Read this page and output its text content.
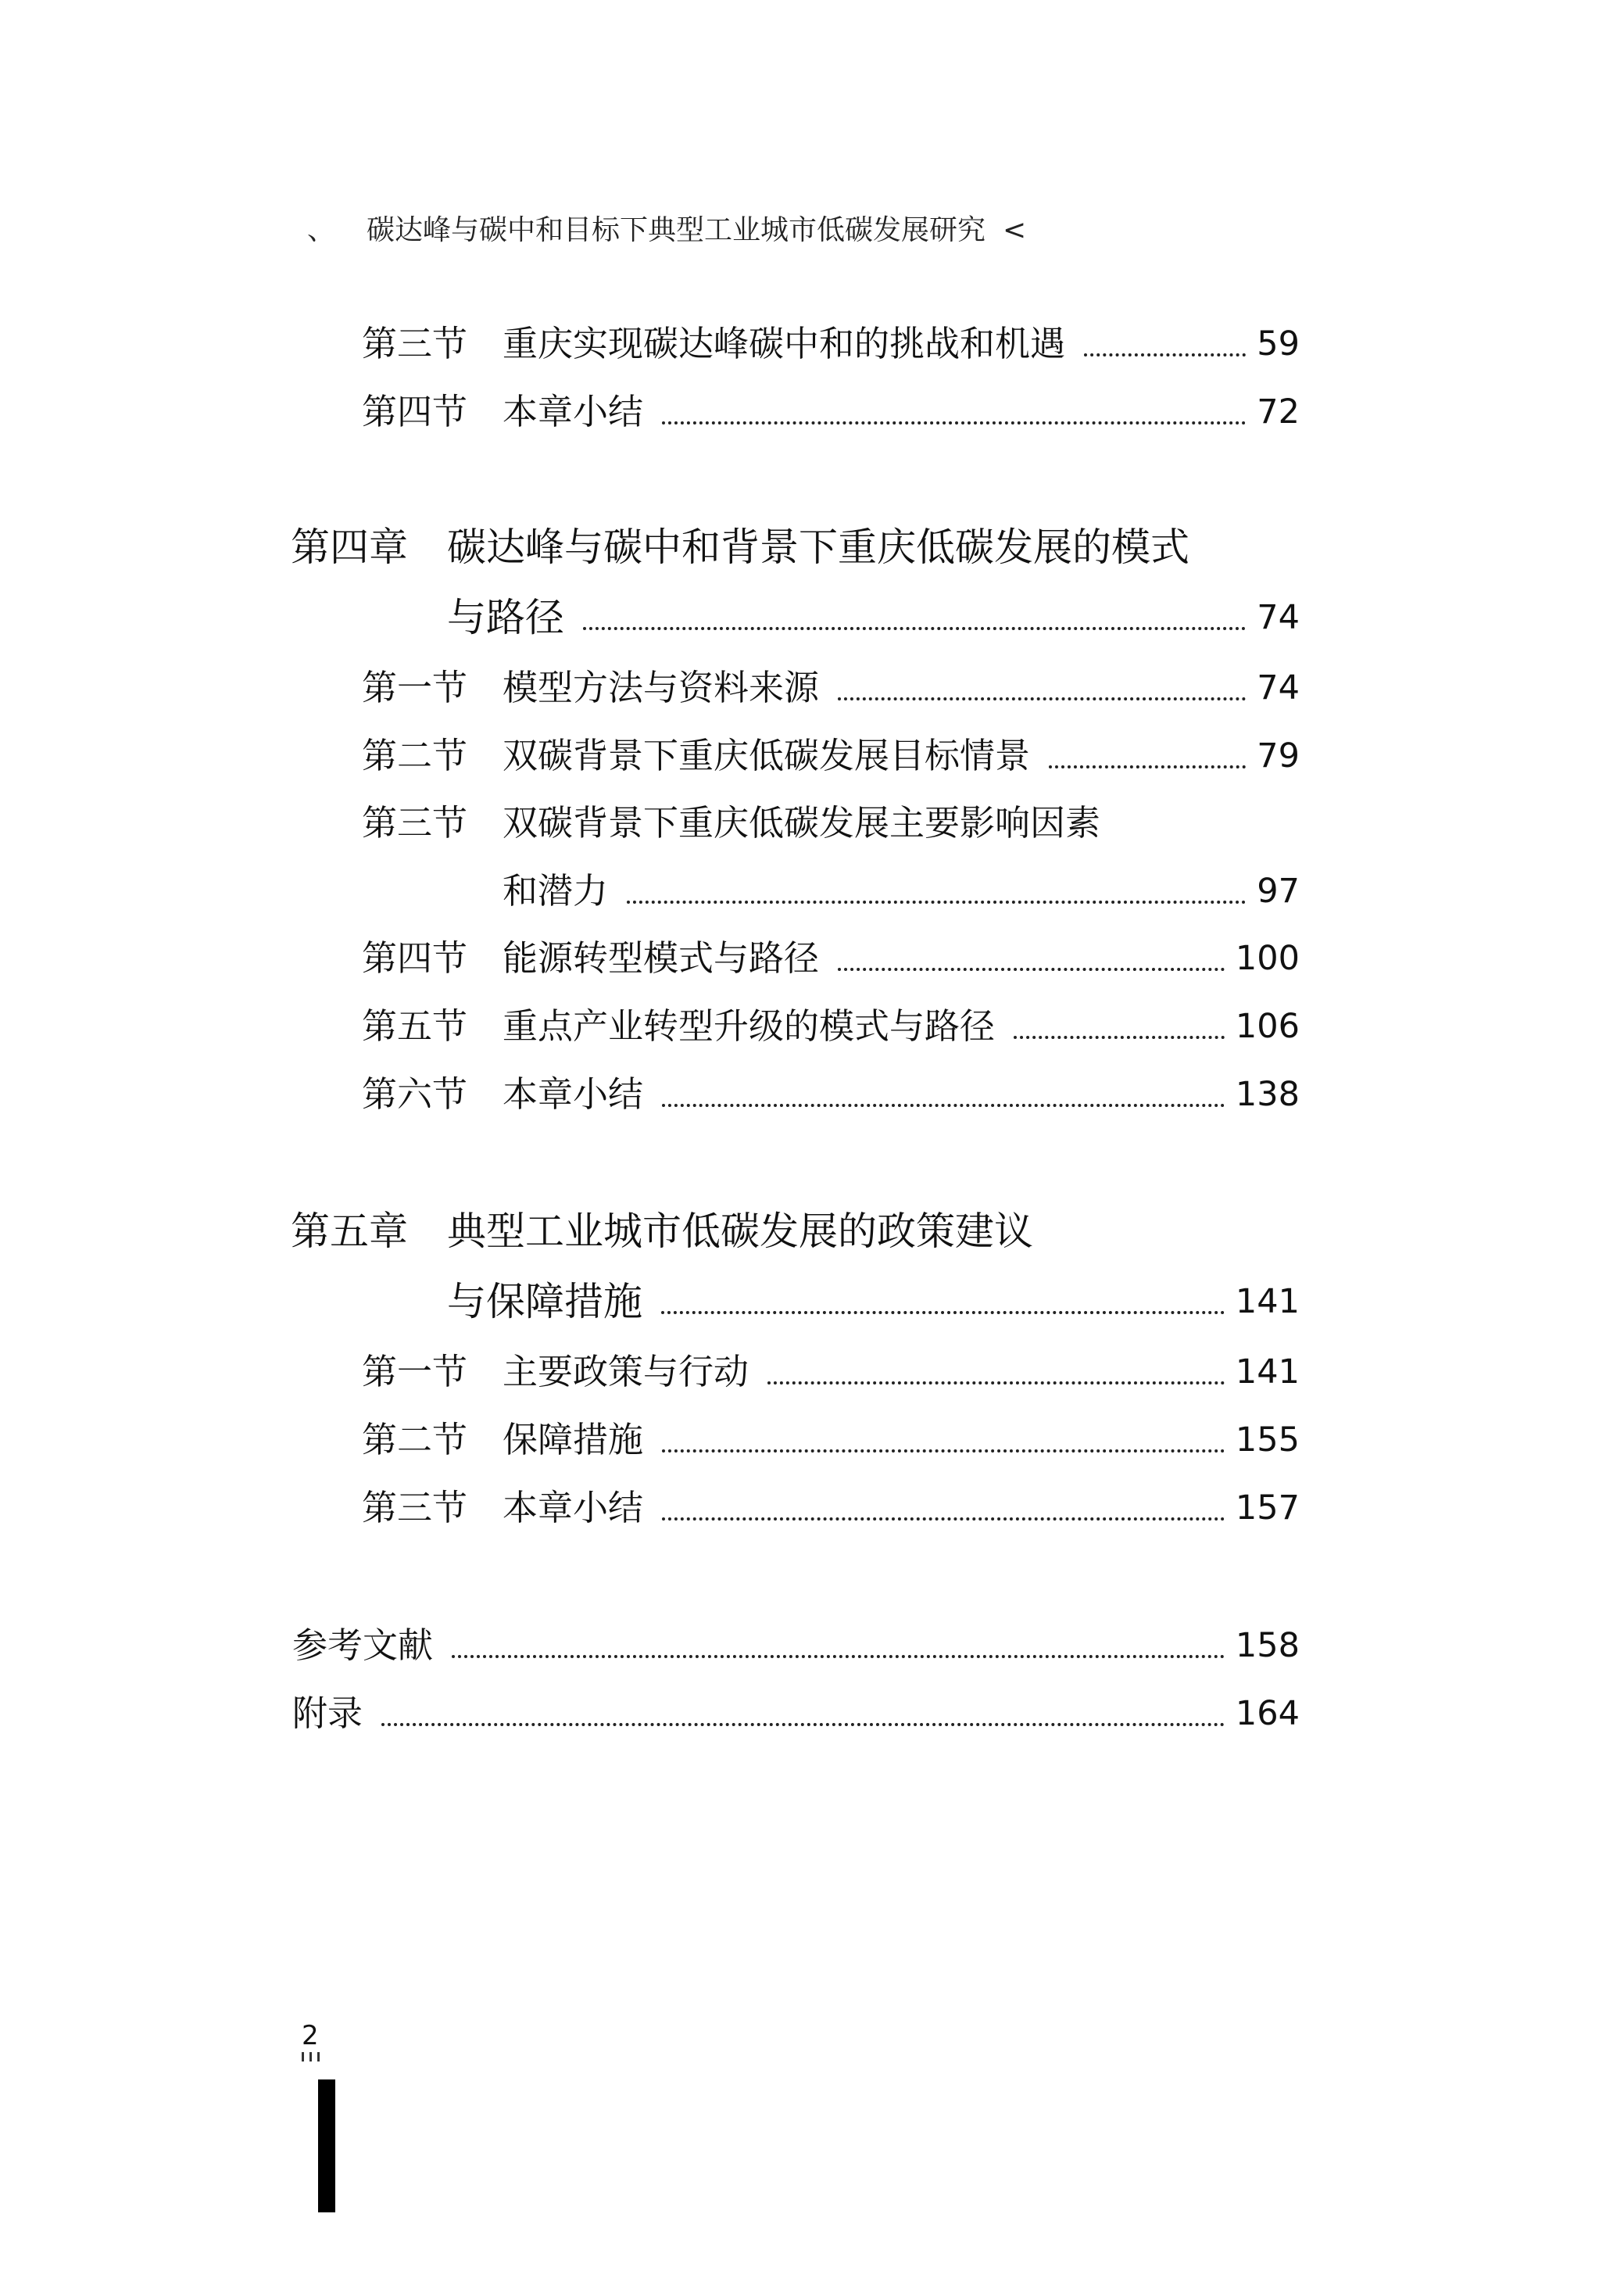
、 碳达峰与碳中和目标下典型工业城市低碳发展研究 <
第三节 重庆实现碳达峰碳中和的挑战和机遇	59
第四节 本章小结	72
第四章	碳达峰与碳中和背景下重庆低碳发展的模式
与路径	74
第一节 模型方法与资料来源	74
第二节 双碳背景下重庆低碳发展目标情景	79
第三节 双碳背景下重庆低碳发展主要影响因素
和潜力	97
第四节 能源转型模式与路径	100
第五节 重点产业转型升级的模式与路径	106
第六节 本章小结	138
第五章	典型工业城市低碳发展的政策建议
与保障措施	141
第一节 主要政策与行动	141
第二节 保障措施	155
第三节 本章小结	157
参考文献	158
附录	164
2
